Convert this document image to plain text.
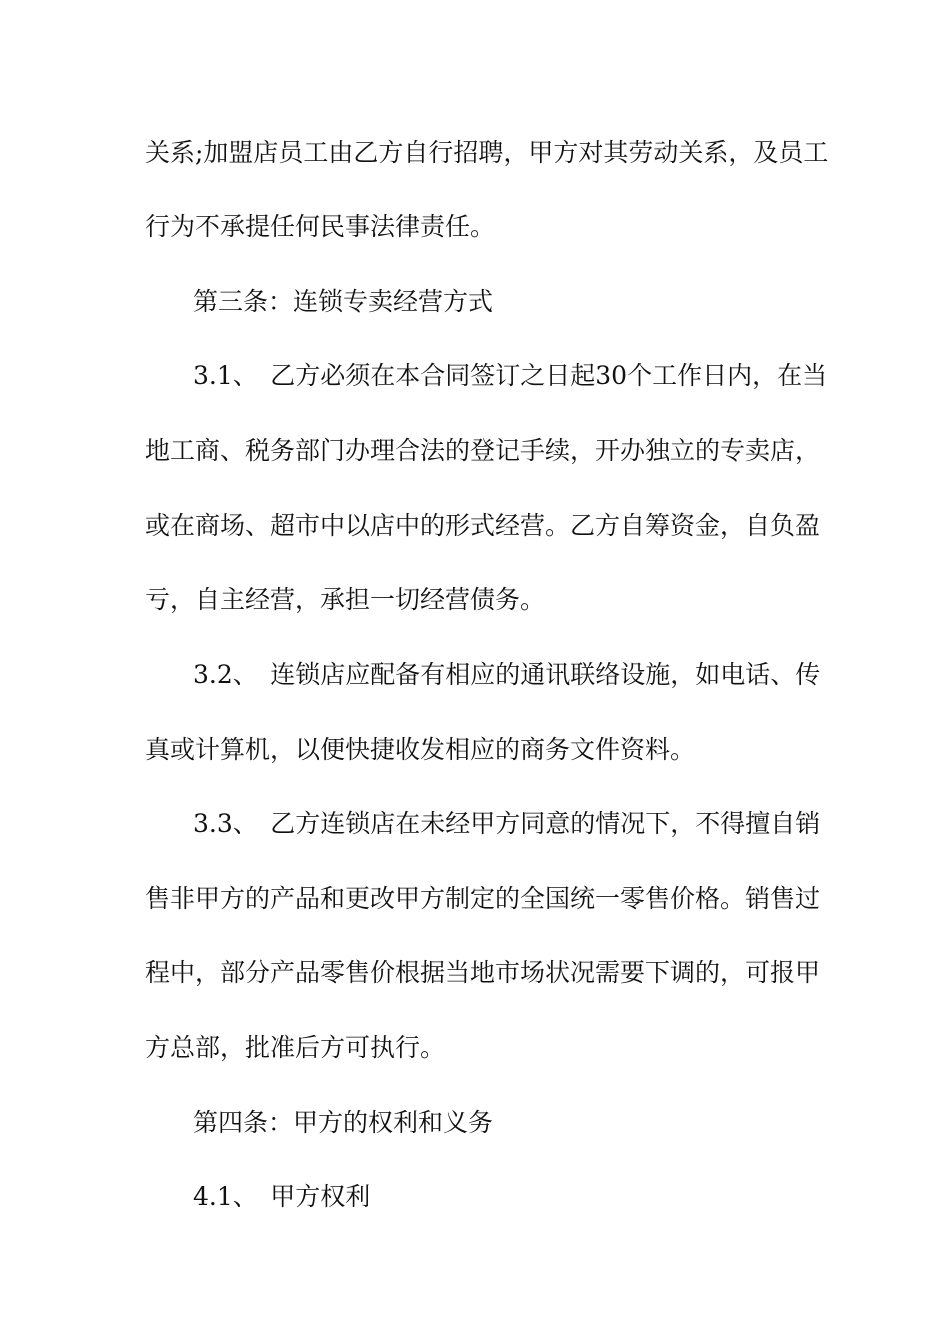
关系;加盟店员工由乙方自行招聘，甲方对其劳动关系，及员工
行为不承提任何民事法律责任。
第三条：连锁专卖经营方式
3.1、　乙方必须在本合同签订之日起30个工作日内，在当
地工商、税务部门办理合法的登记手续，开办独立的专卖店，
或在商场、超市中以店中的形式经营。乙方自筹资金，自负盈
亏，自主经营，承担一切经营债务。
3.2、　连锁店应配备有相应的通讯联络设施，如电话、传
真或计算机，以便快捷收发相应的商务文件资料。
3.3、　乙方连锁店在未经甲方同意的情况下，不得擅自销
售非甲方的产品和更改甲方制定的全国统一零售价格。销售过
程中，部分产品零售价根据当地市场状况需要下调的，可报甲
方总部，批准后方可执行。
第四条：甲方的权利和义务
4.1、　甲方权利
